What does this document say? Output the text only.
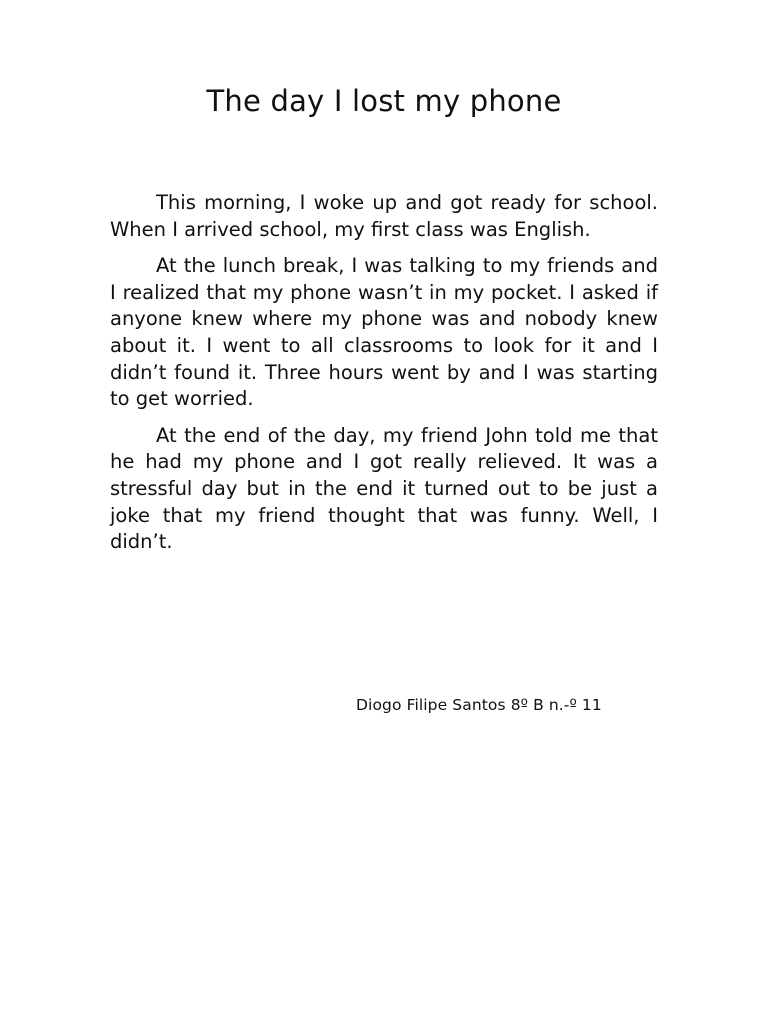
The day I lost my phone

This morning, I woke up and got ready for school. When I arrived school, my first class was English.

At the lunch break, I was talking to my friends and I realized that my phone wasn’t in my pocket. I asked if anyone knew where my phone was and nobody knew about it. I went to all classrooms to look for it and I didn’t found it. Three hours went by and I was starting to get worried.

At the end of the day, my friend John told me that he had my phone and I got really relieved. It was a stressful day but in the end it turned out to be just a joke that my friend thought that was funny. Well, I didn’t.

Diogo Filipe Santos 8º B n.-º 11
